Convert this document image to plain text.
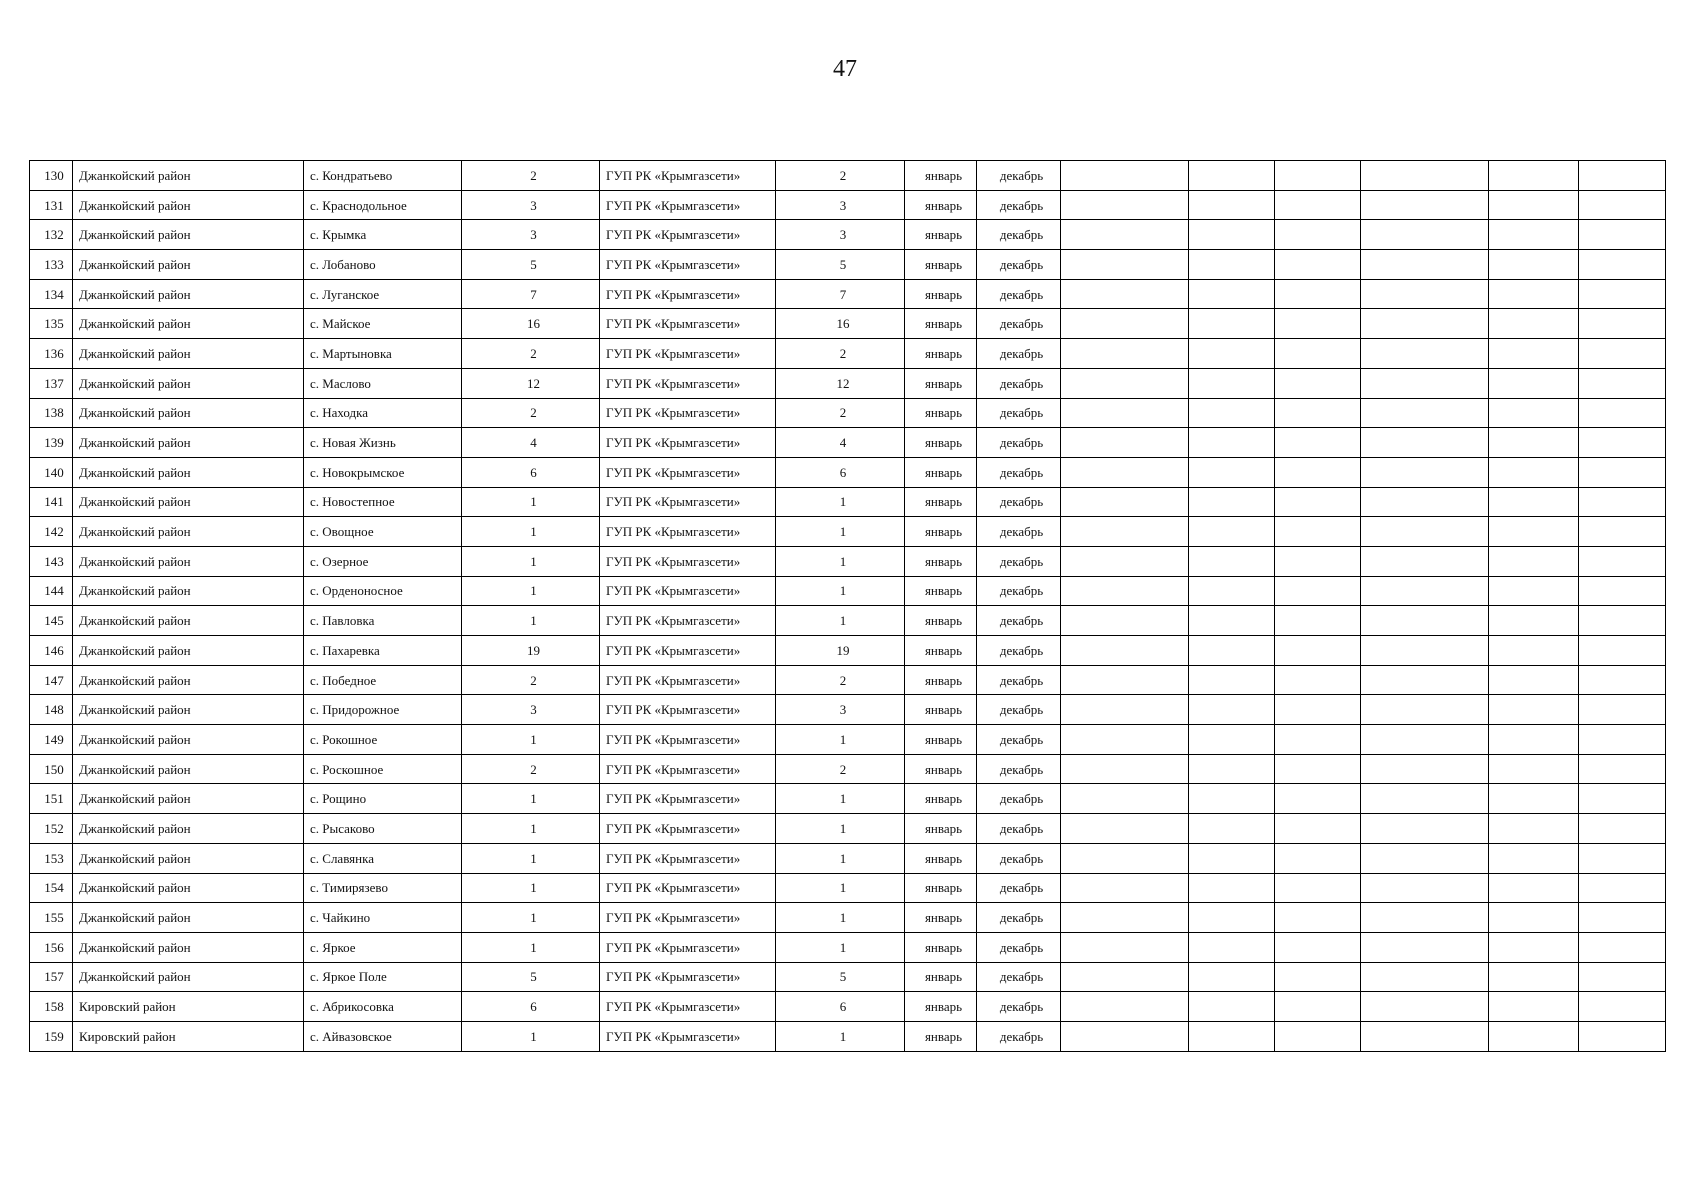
47
130	Джанкойский район	с. Кондратьево	2	ГУП РК «Крымгазсети»	2	январь	декабрь						
131	Джанкойский район	с. Краснодольное	3	ГУП РК «Крымгазсети»	3	январь	декабрь						
132	Джанкойский район	с. Крымка	3	ГУП РК «Крымгазсети»	3	январь	декабрь						
133	Джанкойский район	с. Лобаново	5	ГУП РК «Крымгазсети»	5	январь	декабрь						
134	Джанкойский район	с. Луганское	7	ГУП РК «Крымгазсети»	7	январь	декабрь						
135	Джанкойский район	с. Майское	16	ГУП РК «Крымгазсети»	16	январь	декабрь						
136	Джанкойский район	с. Мартыновка	2	ГУП РК «Крымгазсети»	2	январь	декабрь						
137	Джанкойский район	с. Маслово	12	ГУП РК «Крымгазсети»	12	январь	декабрь						
138	Джанкойский район	с. Находка	2	ГУП РК «Крымгазсети»	2	январь	декабрь						
139	Джанкойский район	с. Новая Жизнь	4	ГУП РК «Крымгазсети»	4	январь	декабрь						
140	Джанкойский район	с. Новокрымское	6	ГУП РК «Крымгазсети»	6	январь	декабрь						
141	Джанкойский район	с. Новостепное	1	ГУП РК «Крымгазсети»	1	январь	декабрь						
142	Джанкойский район	с. Овощное	1	ГУП РК «Крымгазсети»	1	январь	декабрь						
143	Джанкойский район	с. Озерное	1	ГУП РК «Крымгазсети»	1	январь	декабрь						
144	Джанкойский район	с. Орденоносное	1	ГУП РК «Крымгазсети»	1	январь	декабрь						
145	Джанкойский район	с. Павловка	1	ГУП РК «Крымгазсети»	1	январь	декабрь						
146	Джанкойский район	с. Пахаревка	19	ГУП РК «Крымгазсети»	19	январь	декабрь						
147	Джанкойский район	с. Победное	2	ГУП РК «Крымгазсети»	2	январь	декабрь						
148	Джанкойский район	с. Придорожное	3	ГУП РК «Крымгазсети»	3	январь	декабрь						
149	Джанкойский район	с. Рокошное	1	ГУП РК «Крымгазсети»	1	январь	декабрь						
150	Джанкойский район	с. Роскошное	2	ГУП РК «Крымгазсети»	2	январь	декабрь						
151	Джанкойский район	с. Рощино	1	ГУП РК «Крымгазсети»	1	январь	декабрь						
152	Джанкойский район	с. Рысаково	1	ГУП РК «Крымгазсети»	1	январь	декабрь						
153	Джанкойский район	с. Славянка	1	ГУП РК «Крымгазсети»	1	январь	декабрь						
154	Джанкойский район	с. Тимирязево	1	ГУП РК «Крымгазсети»	1	январь	декабрь						
155	Джанкойский район	с. Чайкино	1	ГУП РК «Крымгазсети»	1	январь	декабрь						
156	Джанкойский район	с. Яркое	1	ГУП РК «Крымгазсети»	1	январь	декабрь						
157	Джанкойский район	с. Яркое Поле	5	ГУП РК «Крымгазсети»	5	январь	декабрь						
158	Кировский район	с. Абрикосовка	6	ГУП РК «Крымгазсети»	6	январь	декабрь						
159	Кировский район	с. Айвазовское	1	ГУП РК «Крымгазсети»	1	январь	декабрь						
